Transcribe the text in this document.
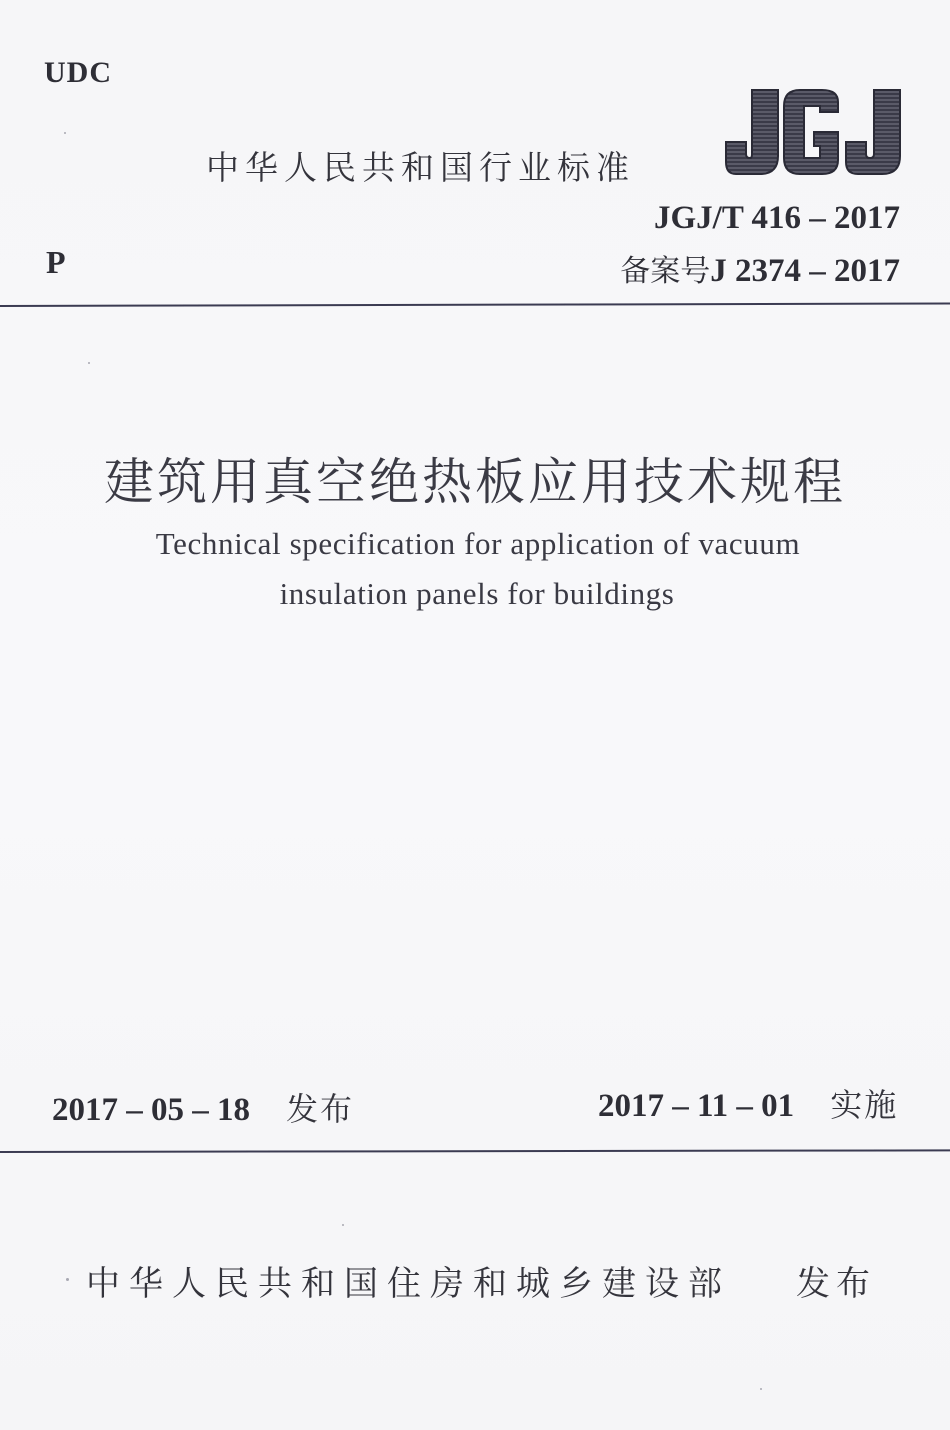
UDC
中华人民共和国行业标准
JGJ/T 416 – 2017
P	备案号J 2374 – 2017
建筑用真空绝热板应用技术规程
Technical specification for application of vacuum
insulation panels for buildings
2017 – 05 – 18 发布	2017 – 11 – 01 实施
中华人民共和国住房和城乡建设部 发布
